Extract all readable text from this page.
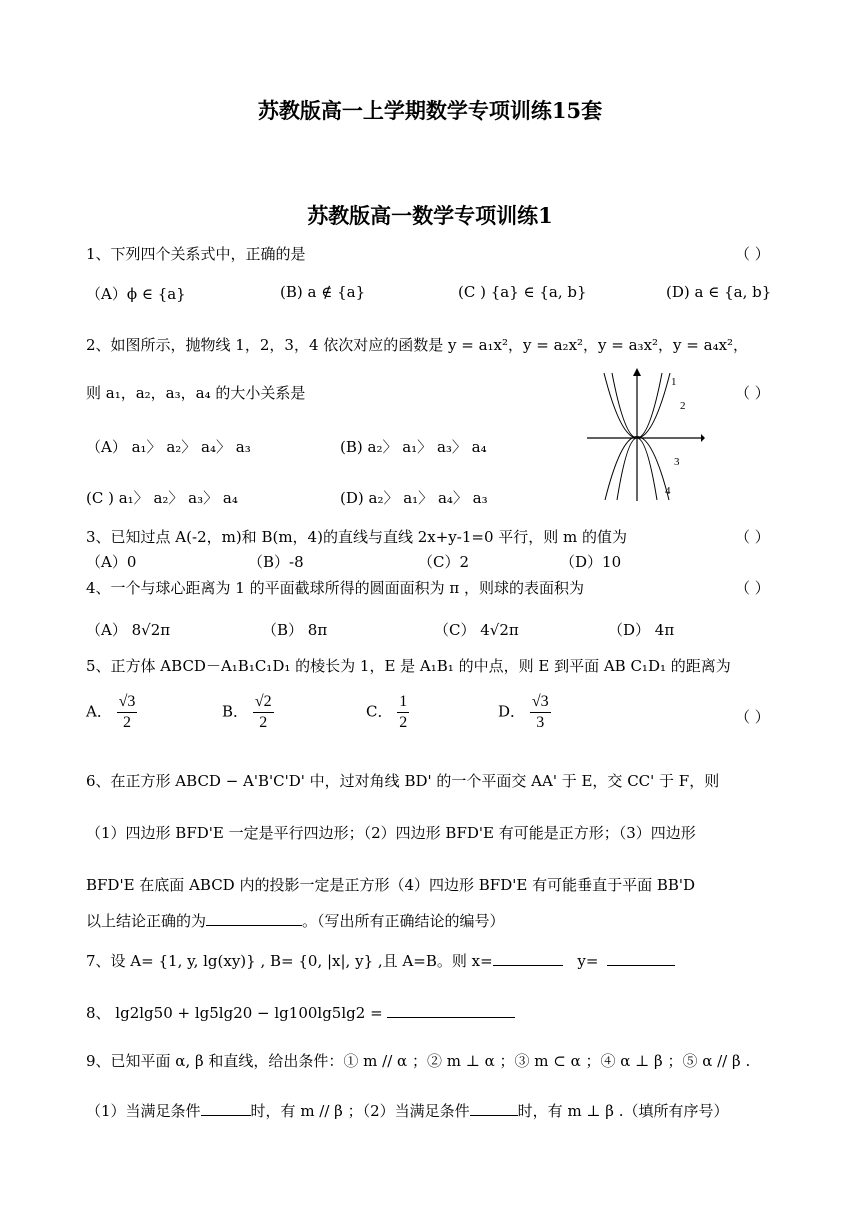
苏教版高一上学期数学专项训练15套
苏教版高一数学专项训练1
1、下列四个关系式中，正确的是	（ ）
（A）ϕ ∈ {a}	(B) a ∉ {a}	(C ) {a} ∈ {a, b}	(D) a ∈ {a, b}
2、如图所示，抛物线 1，2，3，4 依次对应的函数是 y = a₁x²，y = a₂x²，y = a₃x²，y = a₄x²，
则 a₁，a₂，a₃，a₄ 的大小关系是	（ ）
（A） a₁〉 a₂〉 a₄〉 a₃	(B) a₂〉 a₁〉 a₃〉 a₄
(C ) a₁〉 a₂〉 a₃〉 a₄	(D) a₂〉 a₁〉 a₄〉 a₃
1
2
3
4
3、已知过点 A(-2，m)和 B(m，4)的直线与直线 2x+y-1=0 平行，则 m 的值为	（ ）
（A）0	（B）-8	（C）2	（D）10
4、一个与球心距离为 1 的平面截球所得的圆面面积为 π ，则球的表面积为	（ ）
（A） 8√2π	（B） 8π	（C） 4√2π	（D） 4π
5、正方体 ABCD－A₁B₁C₁D₁ 的棱长为 1，E 是 A₁B₁ 的中点，则 E 到平面 AB C₁D₁ 的距离为
A． $\frac{√3}{2}$	B． $\frac{√2}{2}$	C． $\frac{1}{2}$	D． $\frac{√3}{3}$	（ ）
6、在正方形 ABCD − A'B'C'D' 中，过对角线 BD' 的一个平面交 AA' 于 E，交 CC' 于 F，则
（1）四边形 BFD'E 一定是平行四边形；（2）四边形 BFD'E 有可能是正方形；（3）四边形
BFD'E 在底面 ABCD 内的投影一定是正方形（4）四边形 BFD'E 有可能垂直于平面 BB'D
以上结论正确的为	。（写出所有正确结论的编号）
7、设 A= {1, y, lg(xy)} , B= {0, |x|, y} ,且 A=B。则 x=	y=
8、 lg2lg50 + lg5lg20 − lg100lg5lg2 =
9、已知平面 α, β 和直线，给出条件：① m // α ；② m ⊥ α ；③ m ⊂ α ；④ α ⊥ β ；⑤ α // β .
（1）当满足条件	时，有 m // β ；（2）当满足条件	时，有 m ⊥ β .（填所有序号）
